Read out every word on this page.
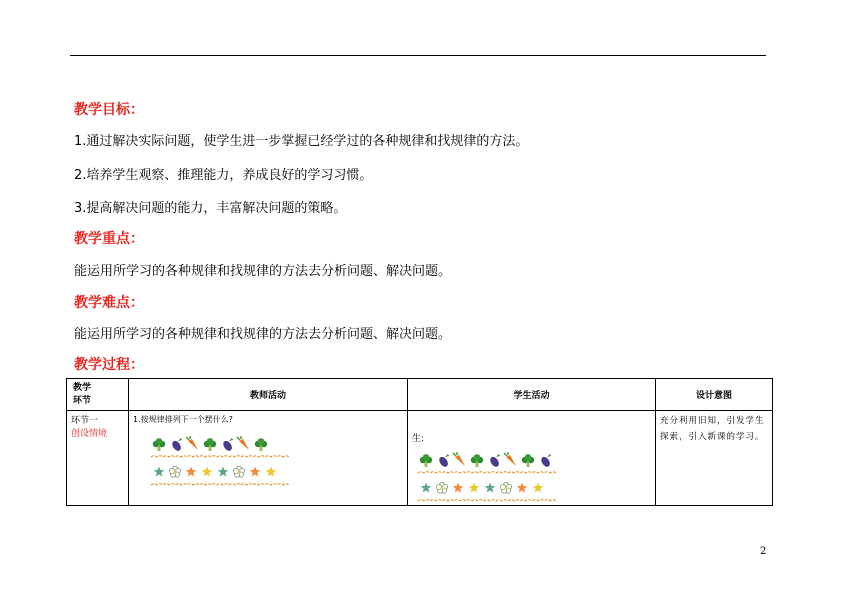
教学目标：
1.通过解决实际问题，使学生进一步掌握已经学过的各种规律和找规律的方法。
2.培养学生观察、推理能力，养成良好的学习习惯。
3.提高解决问题的能力，丰富解决问题的策略。
教学重点：
能运用所学习的各种规律和找规律的方法去分析问题、解决问题。
教学难点：
能运用所学习的各种规律和找规律的方法去分析问题、解决问题。
教学过程：
教学
环节	教师活动	学生活动	设计意图
环节一
创设情境	1.按规律排列下一个摆什么?	生:	充分利用旧知，引发学生探索，引入新课的学习。
2
